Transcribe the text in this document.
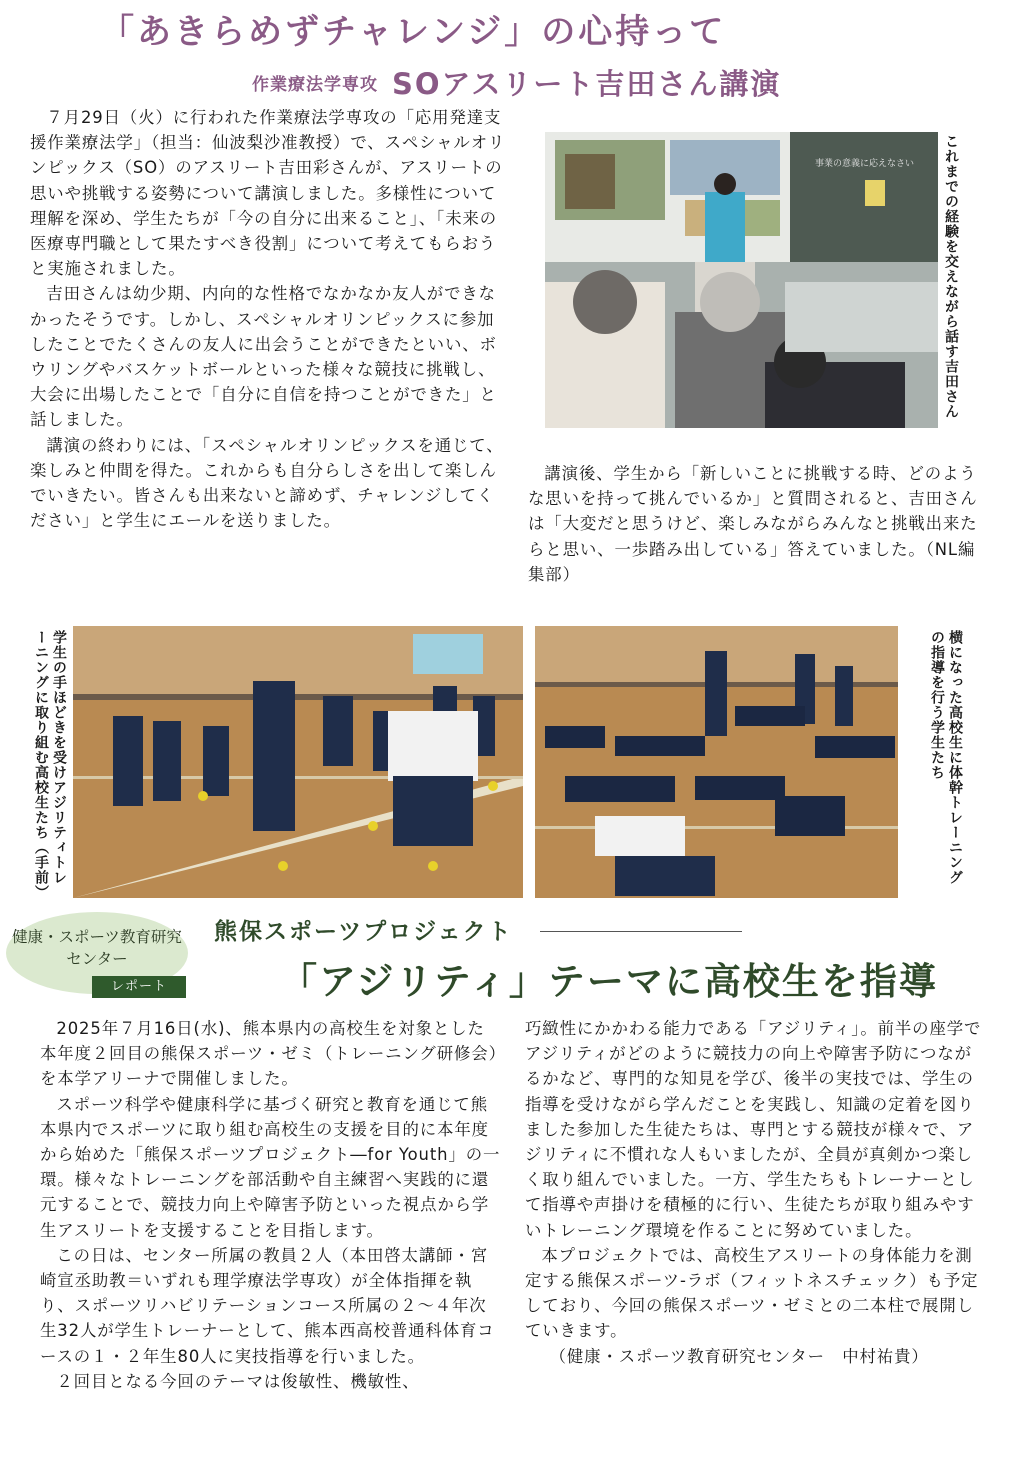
「あきらめずチャレンジ」の心持って
作業療法学専攻 SOアスリート吉田さん講演

７月29日（火）に行われた作業療法学専攻の「応用発達支援作業療法学」（担当：仙波梨沙准教授）で、スペシャルオリンピックス（SO）のアスリート吉田彩さんが、アスリートの思いや挑戦する姿勢について講演しました。多様性について理解を深め、学生たちが「今の自分に出来ること」、「未来の医療専門職として果たすべき役割」について考えてもらおうと実施されました。

吉田さんは幼少期、内向的な性格でなかなか友人ができなかったそうです。しかし、スペシャルオリンピックスに参加したことでたくさんの友人に出会うことができたといい、ボウリングやバスケットボールといった様々な競技に挑戦し、大会に出場したことで「自分に自信を持つことができた」と話しました。

講演の終わりには、「スペシャルオリンピックスを通じて、楽しみと仲間を得た。これからも自分らしさを出して楽しんでいきたい。皆さんも出来ないと諦めず、チャレンジしてください」と学生にエールを送りました。

事業の意義に応えなさい これまでの経験を交えながら話す吉田さん

講演後、学生から「新しいことに挑戦する時、どのような思いを持って挑んでいるか」と質問されると、吉田さんは「大変だと思うけど、楽しみながらみんなと挑戦出来たらと思い、一歩踏み出している」答えていました。（NL編集部）

学生の手ほどきを受けアジリティトレーニングに取り組む高校生たち（手前）	横になった高校生に体幹トレーニングの指導を行う学生たち
健康・スポーツ教育研究センター
レポート
熊保スポーツプロジェクト
「アジリティ」テーマに高校生を指導

2025年７月16日(水)、熊本県内の高校生を対象とした本年度２回目の熊保スポーツ・ゼミ（トレーニング研修会）を本学アリーナで開催しました。

スポーツ科学や健康科学に基づく研究と教育を通じて熊本県内でスポーツに取り組む高校生の支援を目的に本年度から始めた「熊保スポーツプロジェクト―for Youth」の一環。様々なトレーニングを部活動や自主練習へ実践的に還元することで、競技力向上や障害予防といった視点から学生アスリートを支援することを目指します。

この日は、センター所属の教員２人（本田啓太講師・宮崎宣丞助教＝いずれも理学療法学専攻）が全体指揮を執り、スポーツリハビリテーションコース所属の２～４年次生32人が学生トレーナーとして、熊本西高校普通科体育コースの１・２年生80人に実技指導を行いました。

２回目となる今回のテーマは俊敏性、機敏性、

巧緻性にかかわる能力である「アジリティ」。前半の座学でアジリティがどのように競技力の向上や障害予防につながるかなど、専門的な知見を学び、後半の実技では、学生の指導を受けながら学んだことを実践し、知識の定着を図りました参加した生徒たちは、専門とする競技が様々で、アジリティに不慣れな人もいましたが、全員が真剣かつ楽しく取り組んでいました。一方、学生たちもトレーナーとして指導や声掛けを積極的に行い、生徒たちが取り組みやすいトレーニング環境を作ることに努めていました。

本プロジェクトでは、高校生アスリートの身体能力を測定する熊保スポーツ‐ラボ（フィットネスチェック）も予定しており、今回の熊保スポーツ・ゼミとの二本柱で展開していきます。

（健康・スポーツ教育研究センター　中村祐貴）
